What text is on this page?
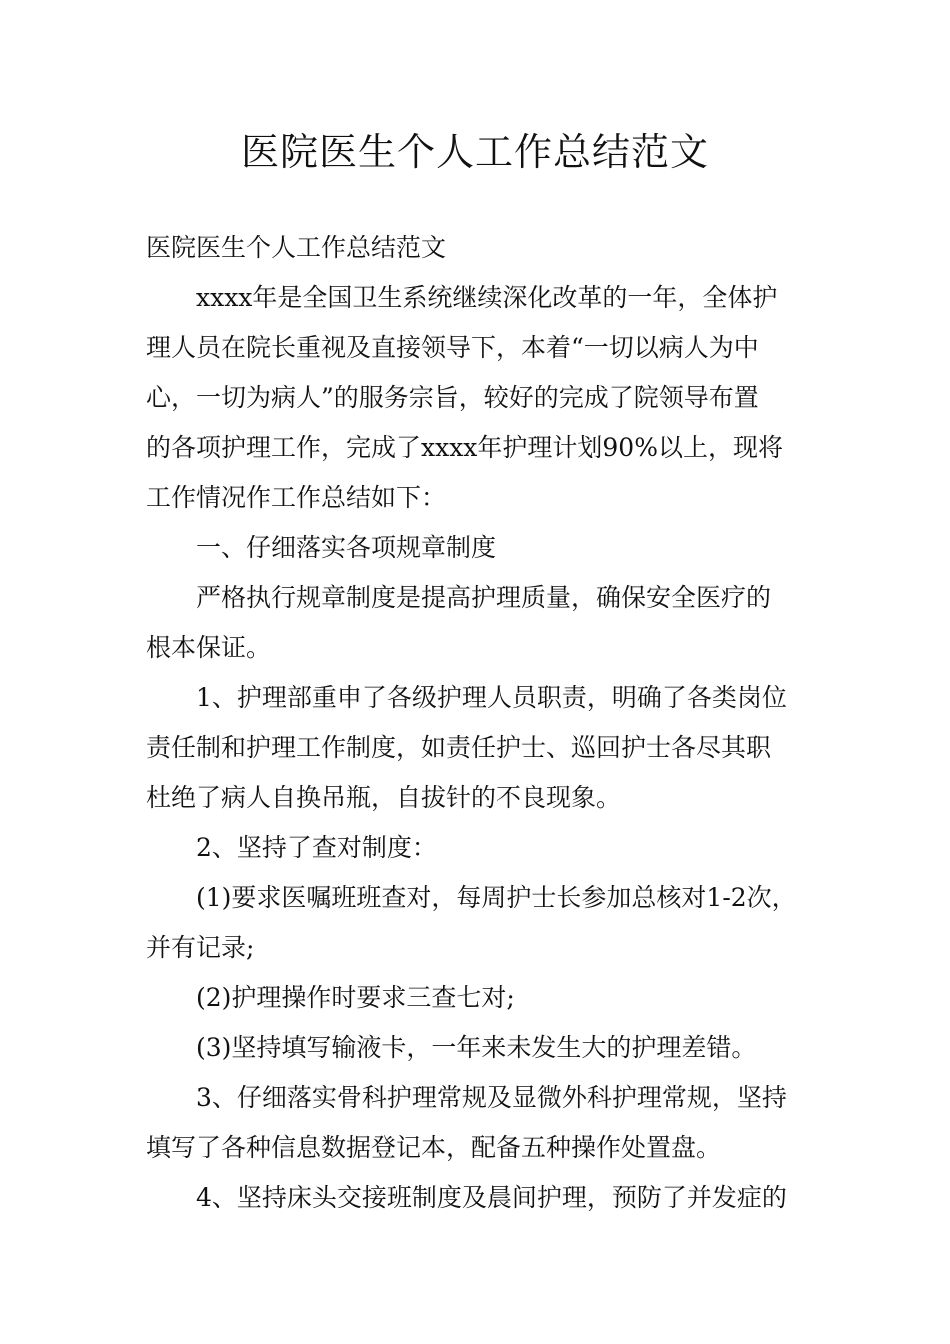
医院医生个人工作总结范文

医院医生个人工作总结范文

xxxx年是全国卫生系统继续深化改革的一年，全体护

理人员在院长重视及直接领导下，本着“一切以病人为中

心，一切为病人”的服务宗旨，较好的完成了院领导布置

的各项护理工作，完成了xxxx年护理计划90%以上，现将

工作情况作工作总结如下：

一、仔细落实各项规章制度

严格执行规章制度是提高护理质量，确保安全医疗的

根本保证。

1、护理部重申了各级护理人员职责，明确了各类岗位

责任制和护理工作制度，如责任护士、巡回护士各尽其职

杜绝了病人自换吊瓶，自拔针的不良现象。

2、坚持了查对制度：

(1)要求医嘱班班查对，每周护士长参加总核对1-2次，

并有记录;

(2)护理操作时要求三查七对;

(3)坚持填写输液卡，一年来未发生大的护理差错。

3、仔细落实骨科护理常规及显微外科护理常规，坚持

填写了各种信息数据登记本，配备五种操作处置盘。

4、坚持床头交接班制度及晨间护理，预防了并发症的
